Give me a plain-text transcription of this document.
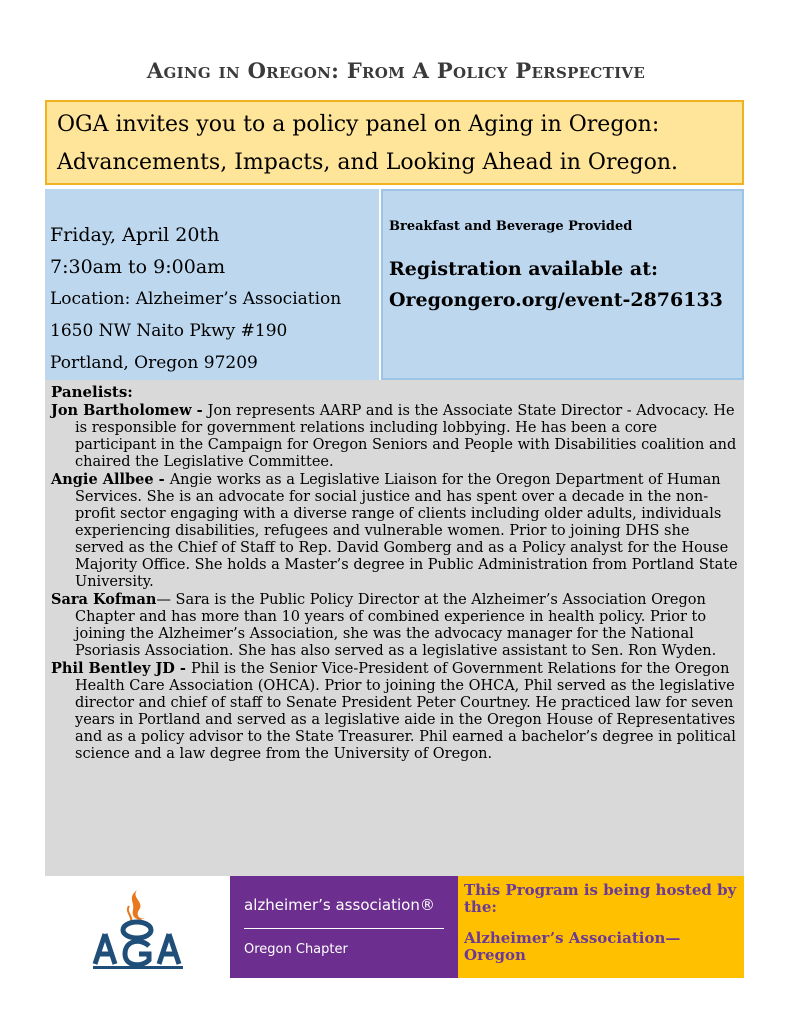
Aging in Oregon: From A Policy Perspective
OGA invites you to a policy panel on Aging in Oregon:
Advancements, Impacts, and Looking Ahead in Oregon.
Friday, April 20th
7:30am to 9:00am
Location: Alzheimer’s Association
1650 NW Naito Pkwy #190
Portland, Oregon 97209
Breakfast and Beverage Provided
Registration available at:
Oregongero.org/event-2876133
Panelists:

Jon Bartholomew - Jon represents AARP and is the Associate State Director - Advocacy. He is responsible for government relations including lobbying. He has been a core participant in the Campaign for Oregon Seniors and People with Disabilities coalition and chaired the Legislative Committee.

Angie Allbee - Angie works as a Legislative Liaison for the Oregon Department of Human Services. She is an advocate for social justice and has spent over a decade in the non-profit sector engaging with a diverse range of clients including older adults, individuals experiencing disabilities, refugees and vulnerable women. Prior to joining DHS she served as the Chief of Staff to Rep. David Gomberg and as a Policy analyst for the House Majority Office. She holds a Master’s degree in Public Administration from Portland State University.

Sara Kofman— Sara is the Public Policy Director at the Alzheimer’s Association Oregon Chapter and has more than 10 years of combined experience in health policy. Prior to joining the Alzheimer’s Association, she was the advocacy manager for the National Psoriasis Association. She has also served as a legislative assistant to Sen. Ron Wyden.

Phil Bentley JD - Phil is the Senior Vice-President of Government Relations for the Oregon Health Care Association (OHCA). Prior to joining the OHCA, Phil served as the legislative director and chief of staff to Senate President Peter Courtney. He practiced law for seven years in Portland and served as a legislative aide in the Oregon House of Representatives and as a policy advisor to the State Treasurer. Phil earned a bachelor’s degree in political science and a law degree from the University of Oregon.

alzheimer’s association®
Oregon Chapter
This Program is being hosted by the:
Alzheimer’s Association—Oregon
